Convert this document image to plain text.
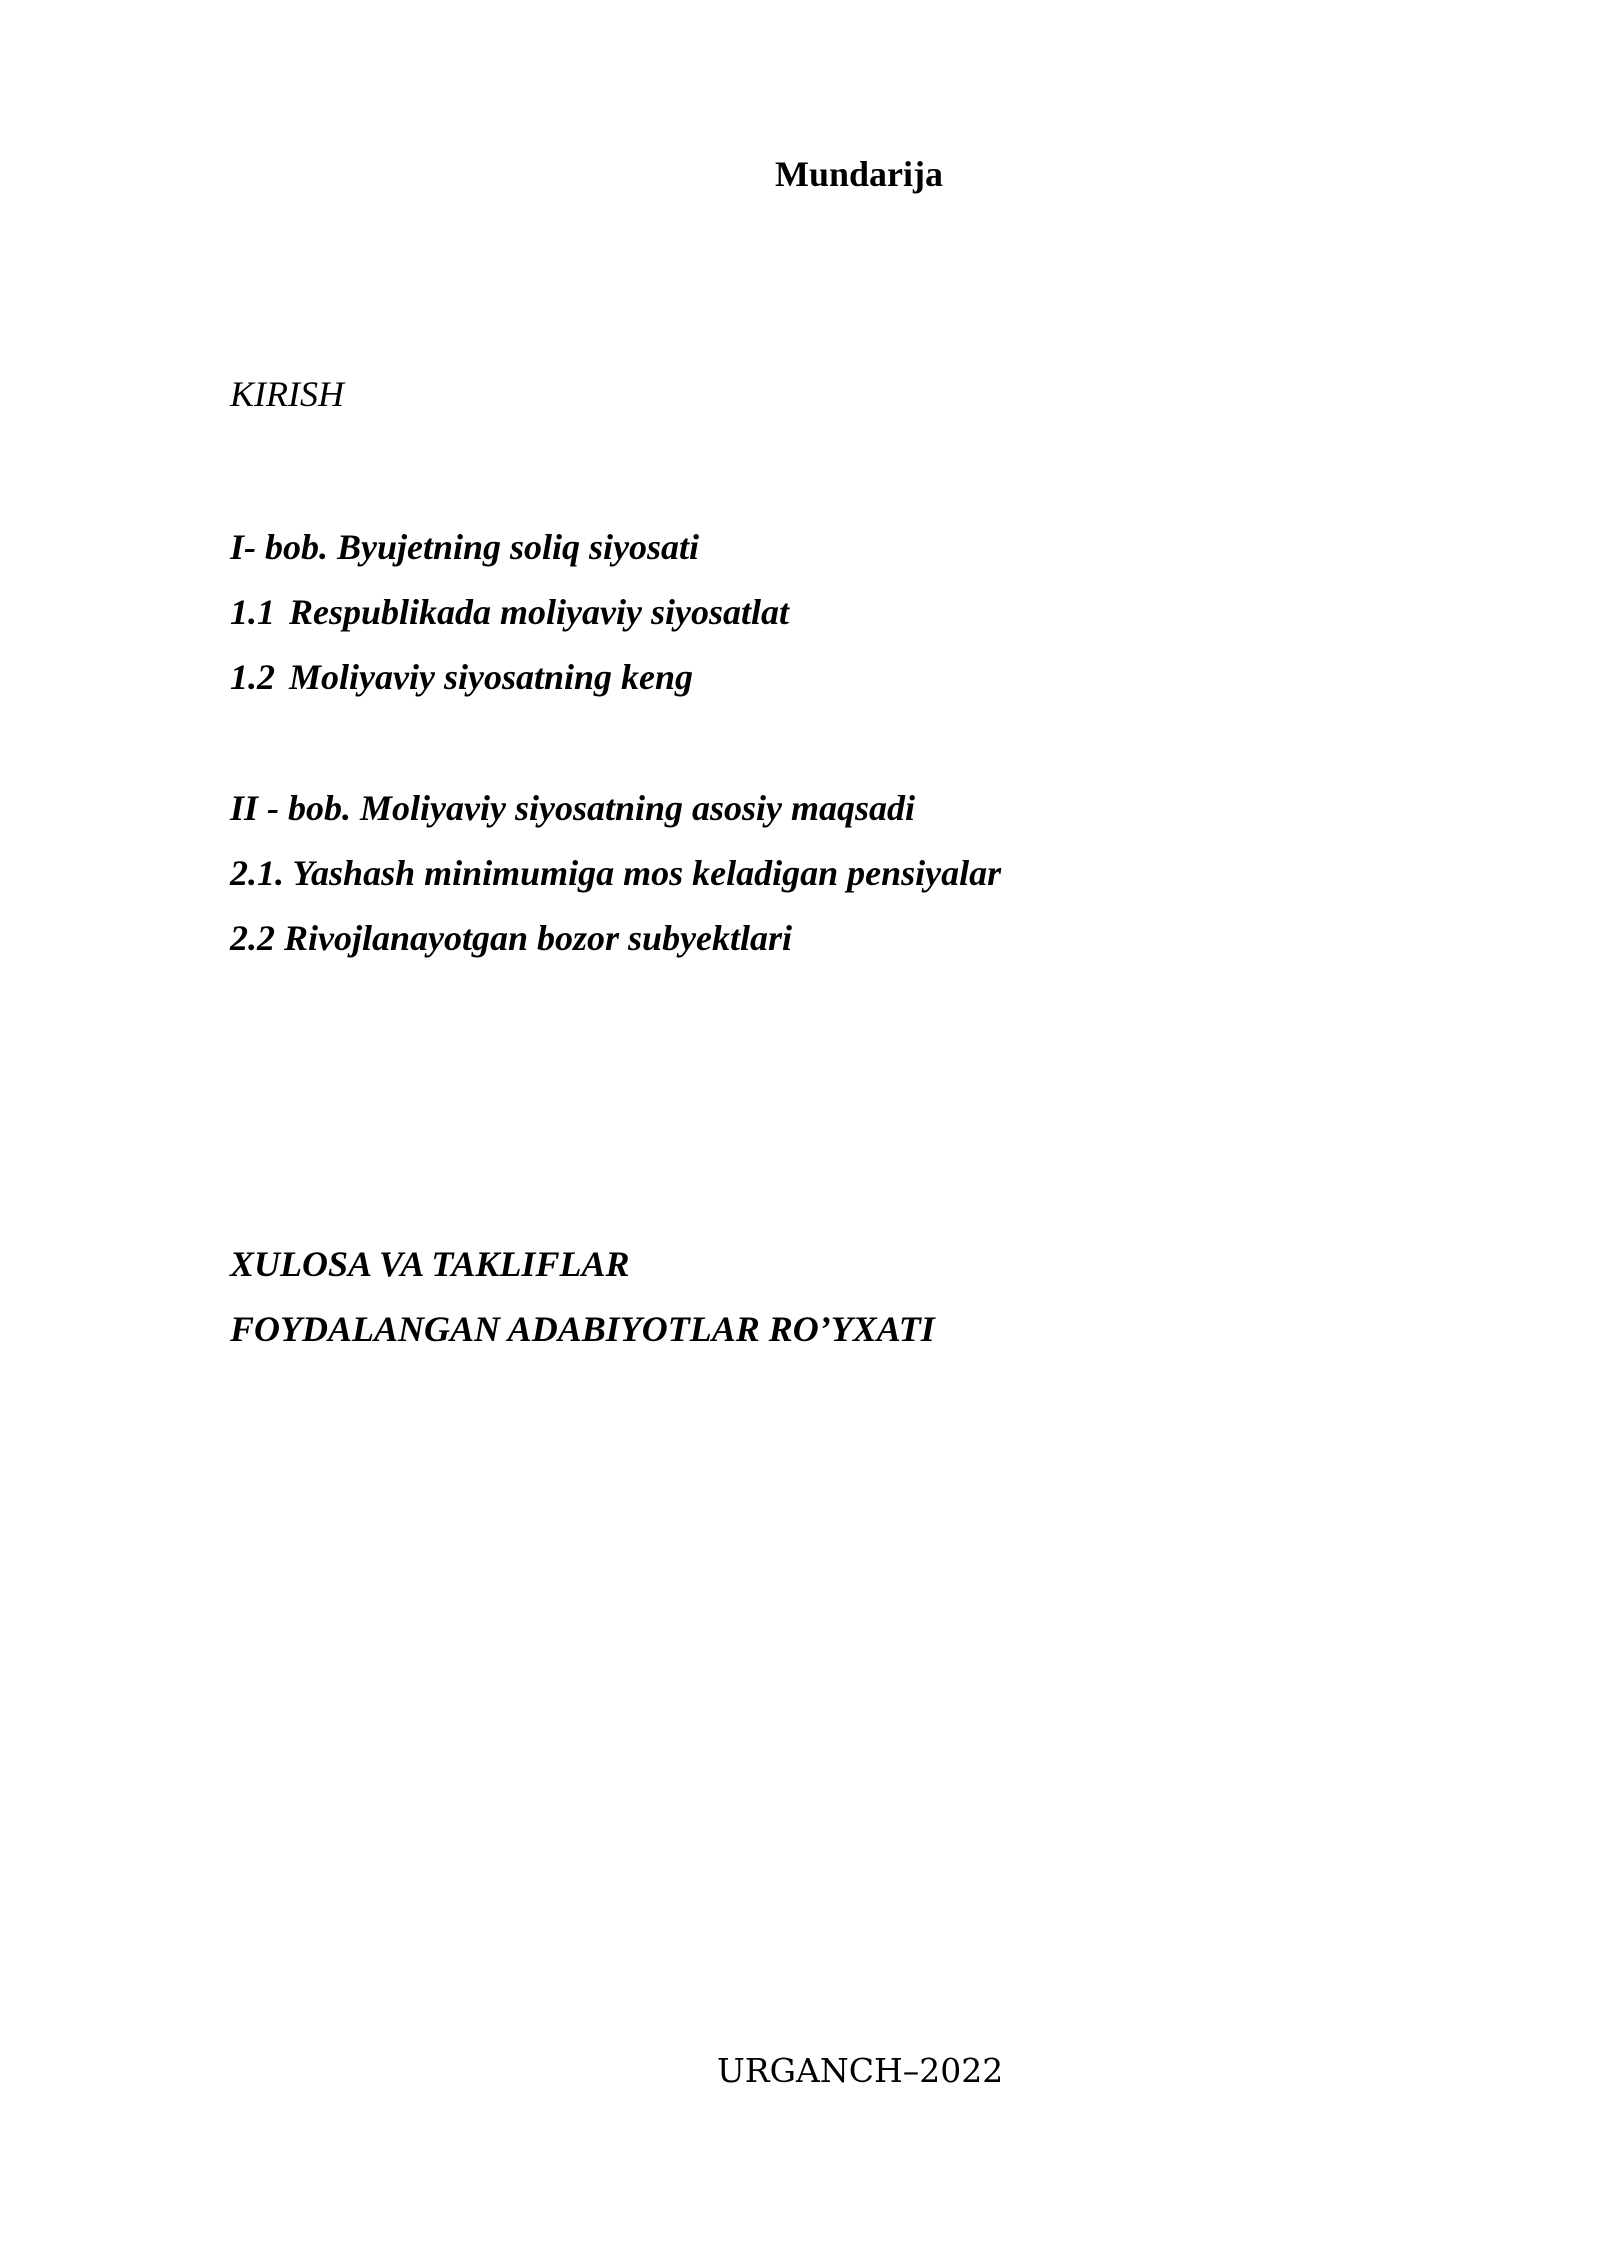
Mundarija
KIRISH
I- bob. Byujetning soliq siyosati
1.1 Respublikada moliyaviy siyosatlat
1.2 Moliyaviy siyosatning keng
II - bob. Moliyaviy siyosatning asosiy maqsadi
2.1. Yashash minimumiga mos keladigan pensiyalar
2.2 Rivojlanayotgan bozor subyektlari
XULOSA VA TAKLIFLAR
FOYDALANGAN ADABIYOTLAR RO’YXATI
URGANCH–2022
